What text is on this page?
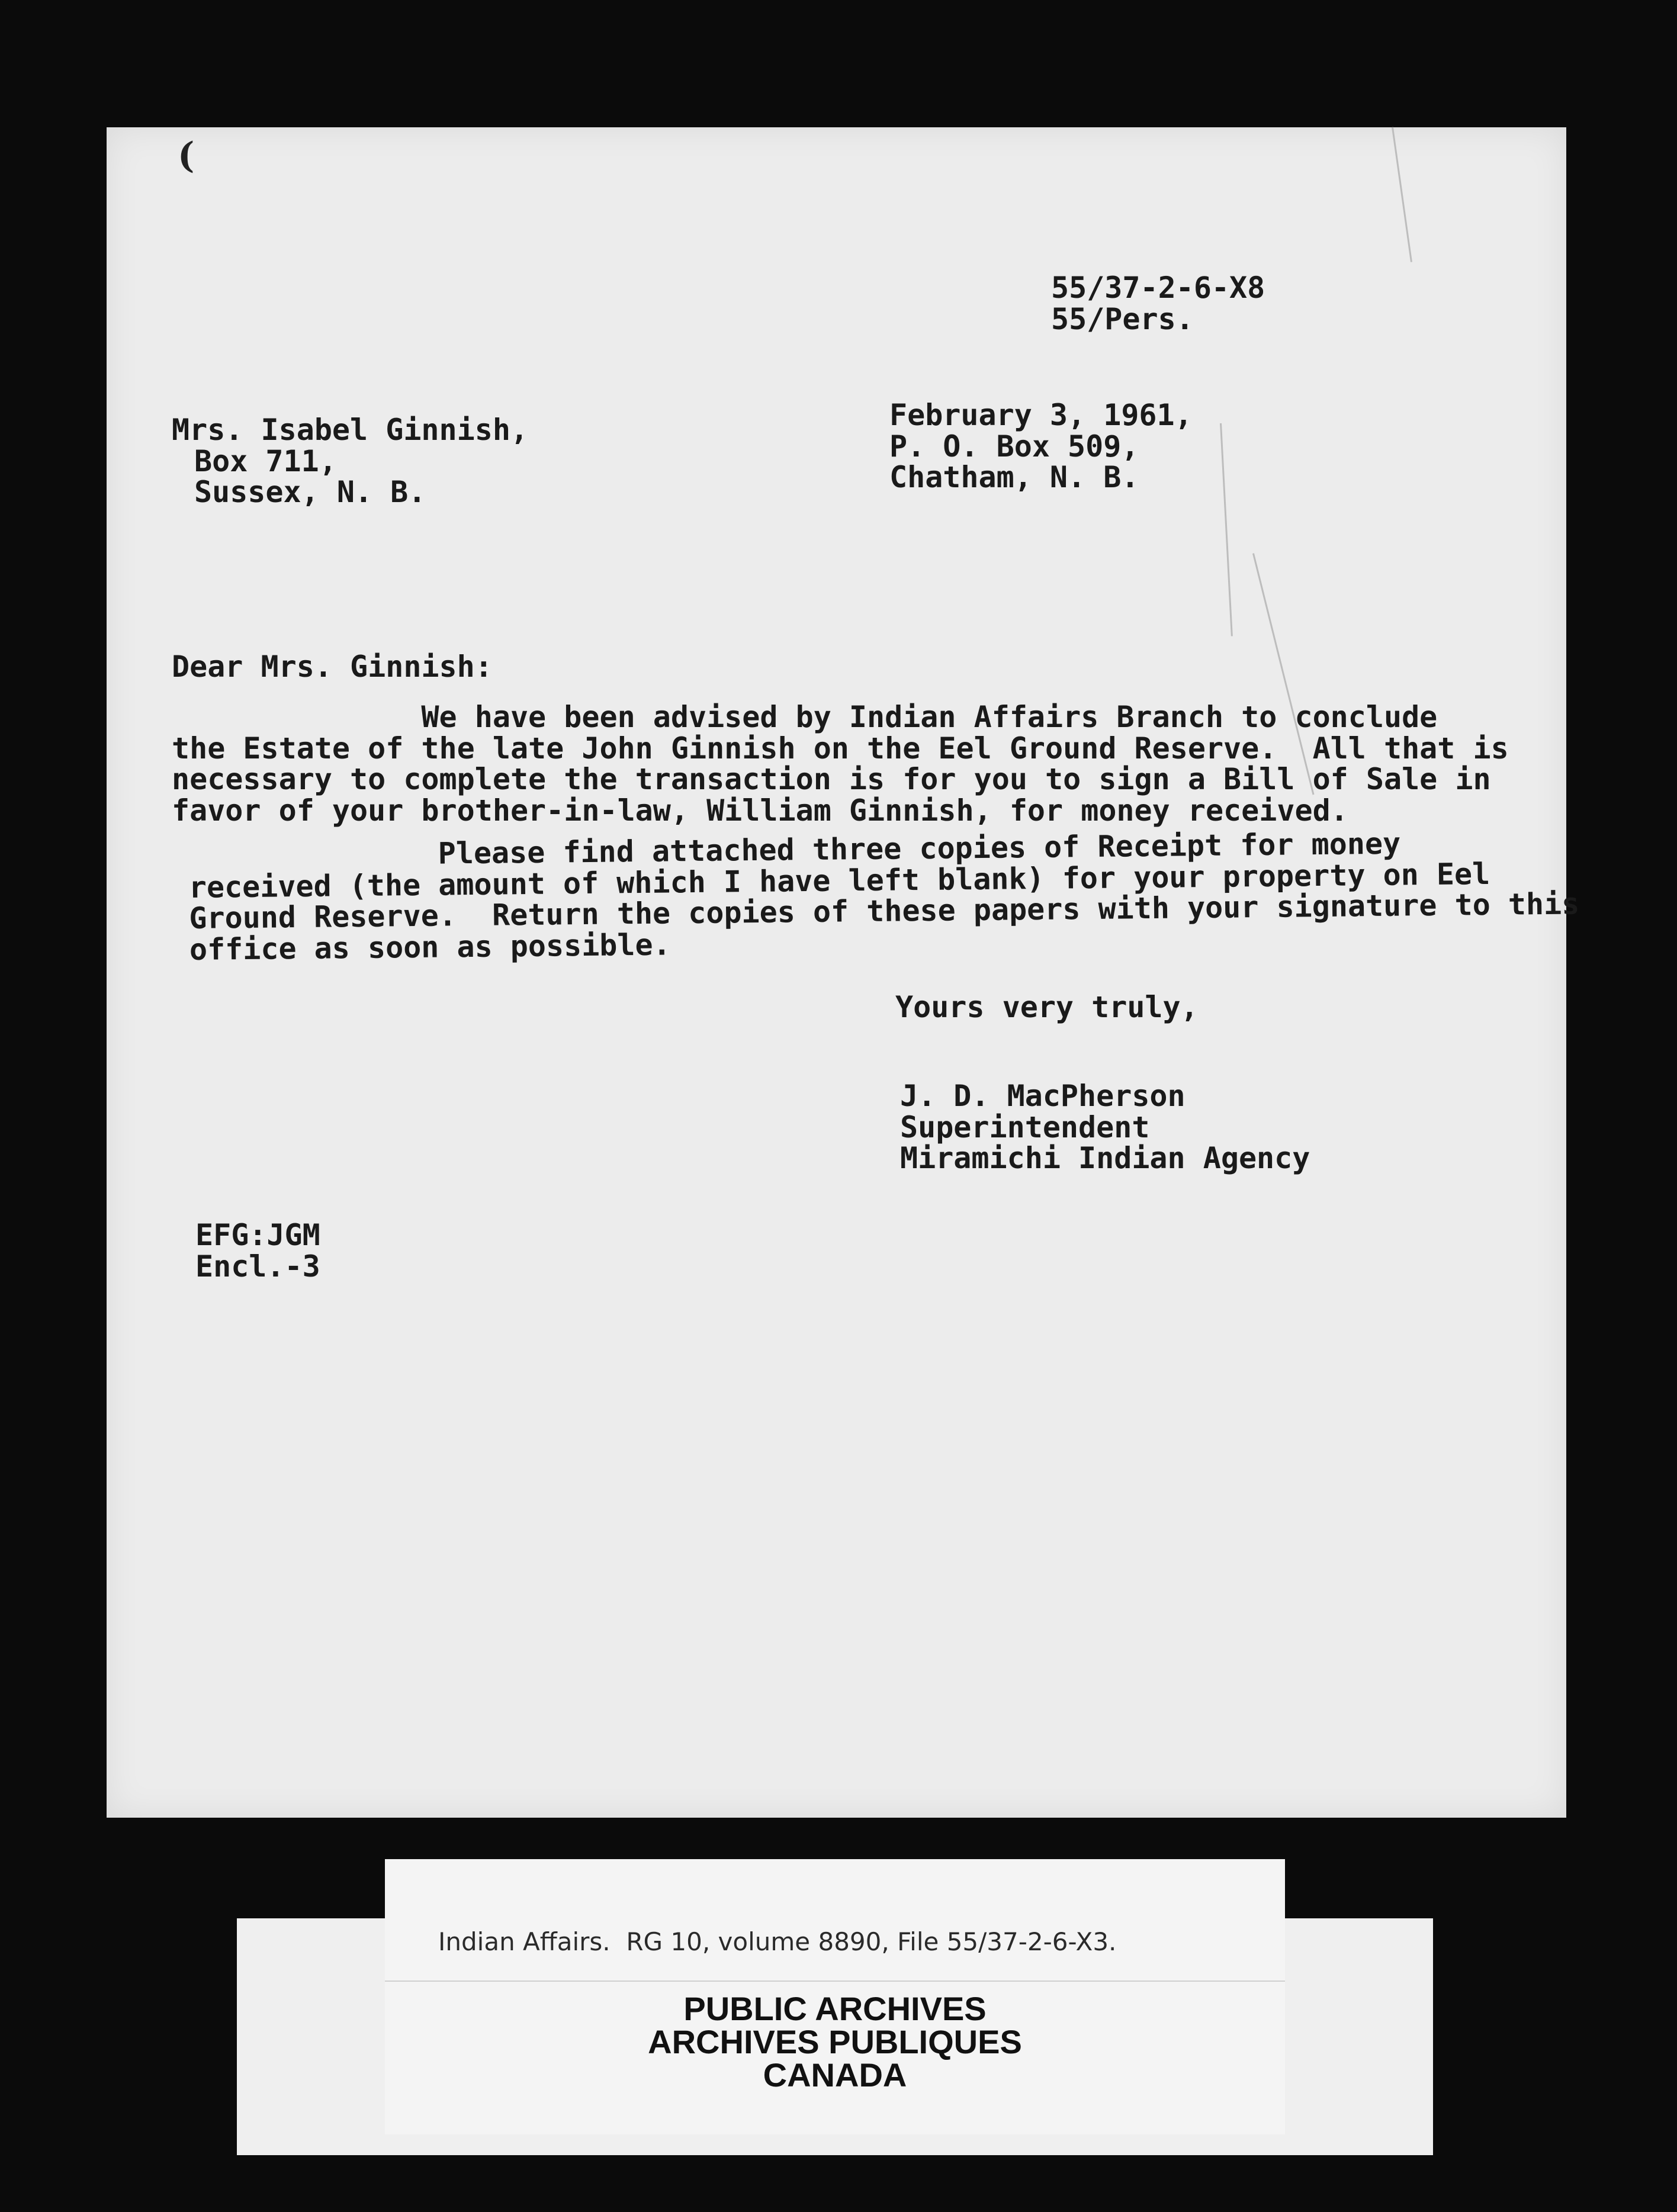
(
55/37-2-6-X8
55/Pers.
February 3, 1961,
P. O. Box 509,
Chatham, N. B.
Mrs. Isabel Ginnish,
Box 711,
Sussex, N. B.
Dear Mrs. Ginnish:
We have been advised by Indian Affairs Branch to conclude
the Estate of the late John Ginnish on the Eel Ground Reserve.  All that is
necessary to complete the transaction is for you to sign a Bill of Sale in
favor of your brother-in-law, William Ginnish, for money received.
Please find attached three copies of Receipt for money
received (the amount of which I have left blank) for your property on Eel
Ground Reserve.  Return the copies of these papers with your signature to this
office as soon as possible.
Yours very truly,
J. D. MacPherson
Superintendent
Miramichi Indian Agency
EFG:JGM
Encl.-3
Indian Affairs.  RG 10, volume 8890, File 55/37-2-6-X3.
PUBLIC ARCHIVES
ARCHIVES PUBLIQUES
CANADA
